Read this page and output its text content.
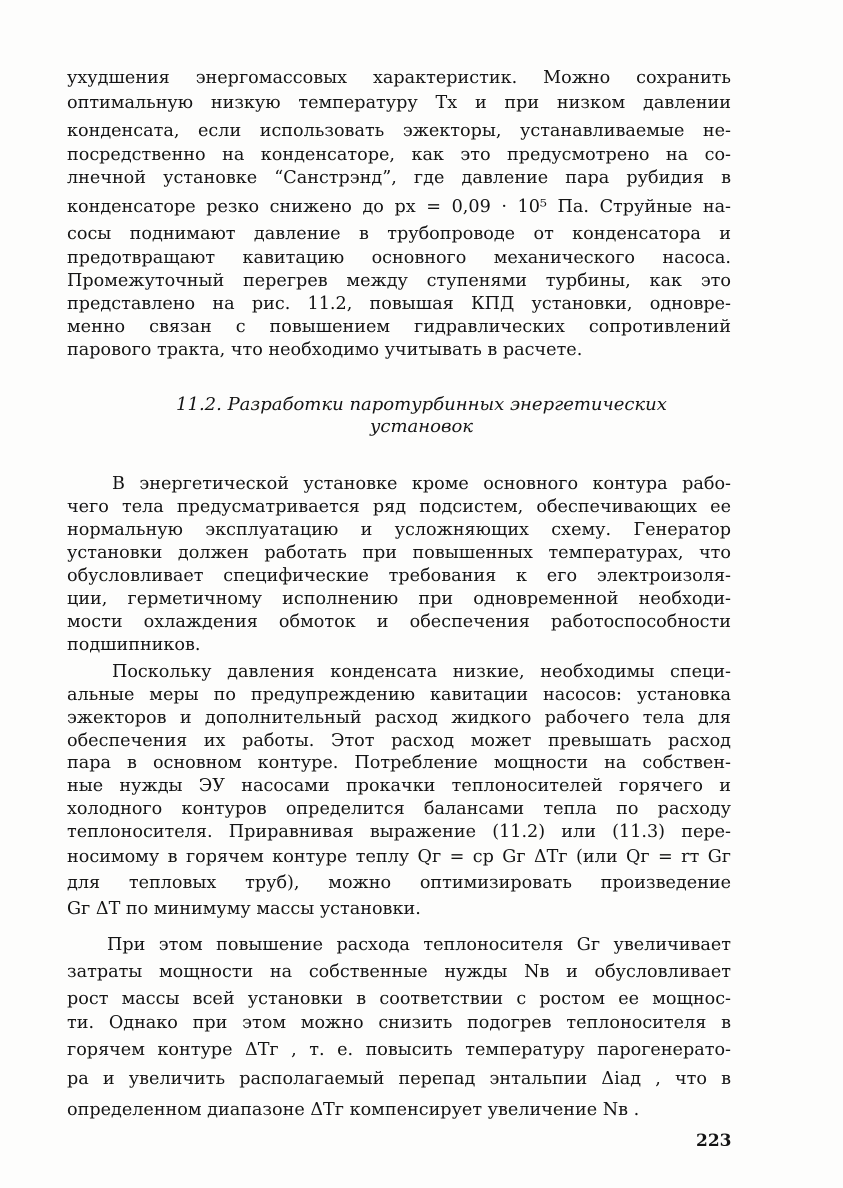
ухудшения энергомассовых характеристик. Можно сохранить
оптимальную низкую температуру Tх и при низком давлении
конденсата, если использовать эжекторы, устанавливаемые не-
посредственно на конденсаторе, как это предусмотрено на со-
лнечной установке “Санстрэнд”, где давление пара рубидия в
конденсаторе резко снижено до pх = 0,09 · 10⁵ Па. Струйные на-
сосы поднимают давление в трубопроводе от конденсатора и
предотвращают кавитацию основного механического насоса.
Промежуточный перегрев между ступенями турбины, как это
представлено на рис. 11.2, повышая КПД установки, одновре-
менно связан с повышением гидравлических сопротивлений
парового тракта, что необходимо учитывать в расчете.
11.2. Разработки паротурбинных энергетических
установок
В энергетической установке кроме основного контура рабо-
чего тела предусматривается ряд подсистем, обеспечивающих ее
нормальную эксплуатацию и усложняющих схему. Генератор
установки должен работать при повышенных температурах, что
обусловливает специфические требования к его электроизоля-
ции, герметичному исполнению при одновременной необходи-
мости охлаждения обмоток и обеспечения работоспособности
подшипников.
Поскольку давления конденсата низкие, необходимы специ-
альные меры по предупреждению кавитации насосов: установка
эжекторов и дополнительный расход жидкого рабочего тела для
обеспечения их работы. Этот расход может превышать расход
пара в основном контуре. Потребление мощности на собствен-
ные нужды ЭУ насосами прокачки теплоносителей горячего и
холодного контуров определится балансами тепла по расходу
теплоносителя. Приравнивая выражение (11.2) или (11.3) пере-
носимому в горячем контуре теплу Qг = cp Gг ΔTг (или Qг = rт Gг
для тепловых труб), можно оптимизировать произведение
Gг ΔT по минимуму массы установки.
При этом повышение расхода теплоносителя Gг увеличивает
затраты мощности на собственные нужды Nв и обусловливает
рост массы всей установки в соответствии с ростом ее мощнос-
ти. Однако при этом можно снизить подогрев теплоносителя в
горячем контуре ΔTг , т. е. повысить температуру парогенерато-
ра и увеличить располагаемый перепад энтальпии Δiад , что в
определенном диапазоне ΔTг компенсирует увеличение Nв .
223
